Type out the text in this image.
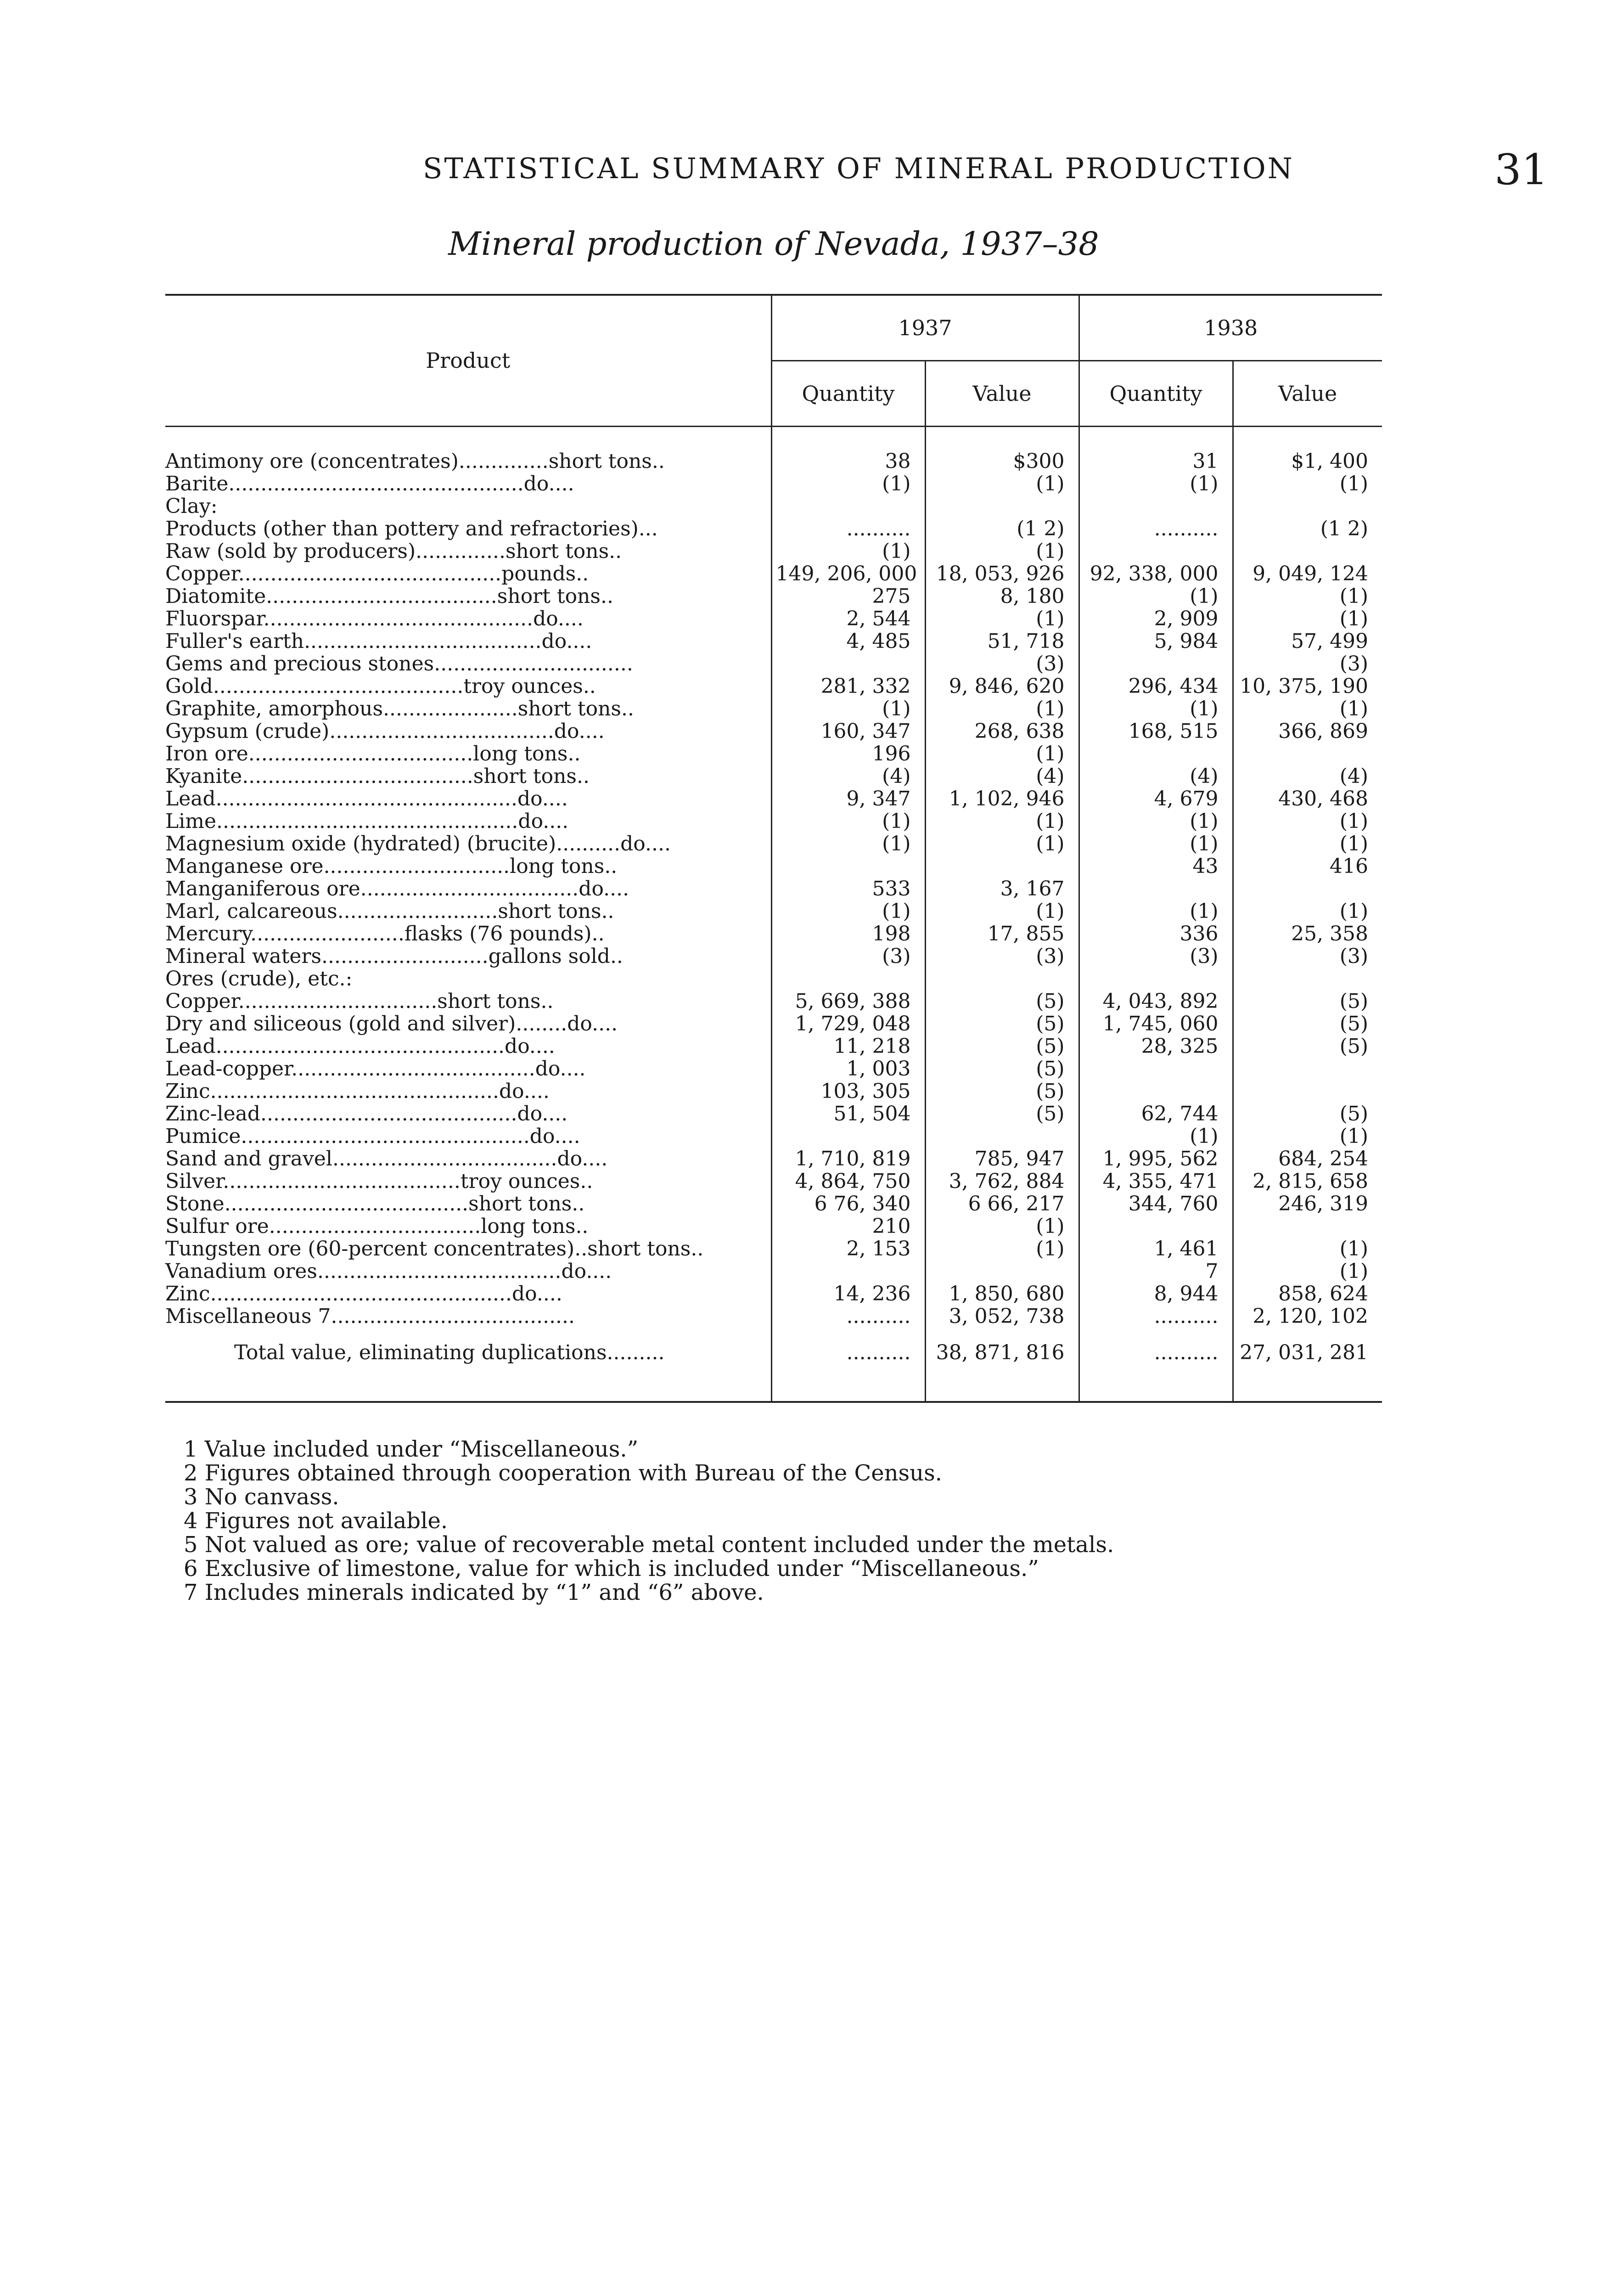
STATISTICAL SUMMARY OF MINERAL PRODUCTION	31
Mineral production of Nevada, 1937–38
Product	1937		1938	
	Quantity	Value	Quantity	Value

Antimony ore (concentrates)..............short tons..	38	$300	31	$1, 400
Barite..............................................do....	(1)	(1)	(1)	(1)
Clay:				
Products (other than pottery and refractories)...	..........	(1 2)	..........	(1 2)
Raw (sold by producers)..............short tons..	(1)	(1)		
Copper.........................................pounds..	149, 206, 000	18, 053, 926	92, 338, 000	9, 049, 124
Diatomite....................................short tons..	275	8, 180	(1)	(1)
Fluorspar..........................................do....	2, 544	(1)	2, 909	(1)
Fuller's earth.....................................do....	4, 485	51, 718	5, 984	57, 499
Gems and precious stones...............................		(3)		(3)
Gold.......................................troy ounces..	281, 332	9, 846, 620	296, 434	10, 375, 190
Graphite, amorphous.....................short tons..	(1)	(1)	(1)	(1)
Gypsum (crude)...................................do....	160, 347	268, 638	168, 515	366, 869
Iron ore...................................long tons..	196	(1)		
Kyanite....................................short tons..	(4)	(4)	(4)	(4)
Lead...............................................do....	9, 347	1, 102, 946	4, 679	430, 468
Lime...............................................do....	(1)	(1)	(1)	(1)
Magnesium oxide (hydrated) (brucite)..........do....	(1)	(1)	(1)	(1)
Manganese ore.............................long tons..			43	416
Manganiferous ore..................................do....	533	3, 167		
Marl, calcareous.........................short tons..	(1)	(1)	(1)	(1)
Mercury........................flasks (76 pounds)..	198	17, 855	336	25, 358
Mineral waters..........................gallons sold..	(3)	(3)	(3)	(3)
Ores (crude), etc.:				
Copper...............................short tons..	5, 669, 388	(5)	4, 043, 892	(5)
Dry and siliceous (gold and silver)........do....	1, 729, 048	(5)	1, 745, 060	(5)
Lead.............................................do....	11, 218	(5)	28, 325	(5)
Lead-copper......................................do....	1, 003	(5)		
Zinc.............................................do....	103, 305	(5)		
Zinc-lead........................................do....	51, 504	(5)	62, 744	(5)
Pumice.............................................do....			(1)	(1)
Sand and gravel...................................do....	1, 710, 819	785, 947	1, 995, 562	684, 254
Silver.....................................troy ounces..	4, 864, 750	3, 762, 884	4, 355, 471	2, 815, 658
Stone......................................short tons..	6 76, 340	6 66, 217	344, 760	246, 319
Sulfur ore.................................long tons..	210	(1)		
Tungsten ore (60-percent concentrates)..short tons..	2, 153	(1)	1, 461	(1)
Vanadium ores......................................do....			7	(1)
Zinc...............................................do....	14, 236	1, 850, 680	8, 944	858, 624
Miscellaneous 7......................................	..........	3, 052, 738	..........	2, 120, 102
Total value, eliminating duplications.........	..........	38, 871, 816	..........	27, 031, 281

1 Value included under “Miscellaneous.”
2 Figures obtained through cooperation with Bureau of the Census.
3 No canvass.
4 Figures not available.
5 Not valued as ore; value of recoverable metal content included under the metals.
6 Exclusive of limestone, value for which is included under “Miscellaneous.”
7 Includes minerals indicated by “1” and “6” above.
